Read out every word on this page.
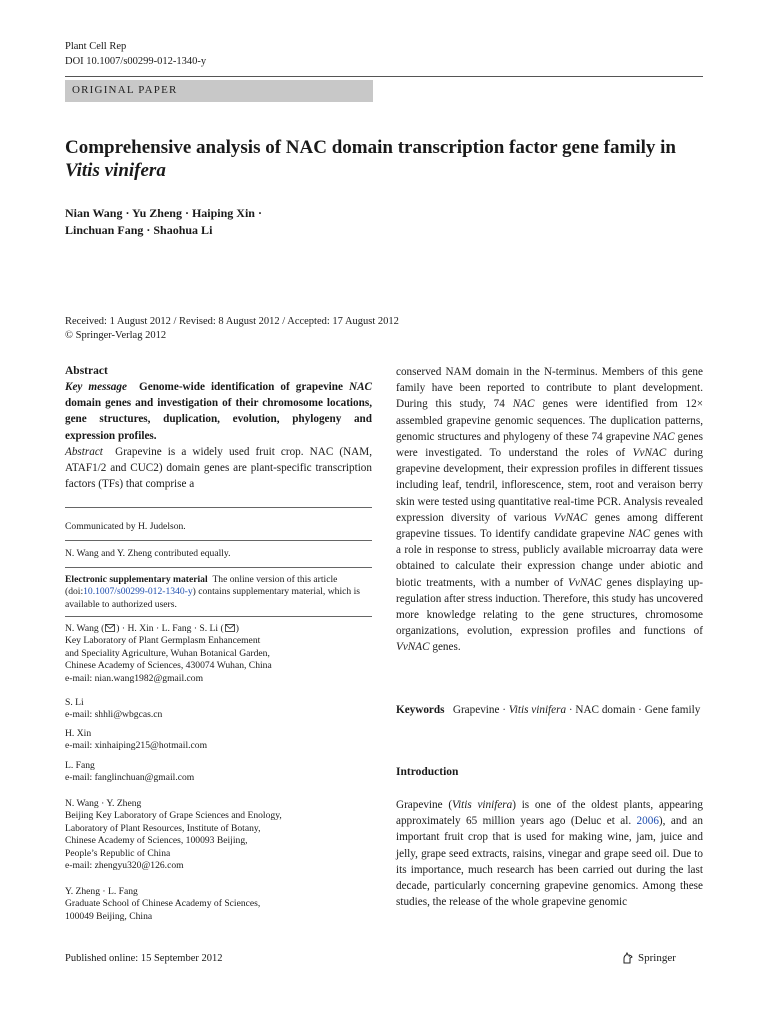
Plant Cell Rep
DOI 10.1007/s00299-012-1340-y
ORIGINAL PAPER
Comprehensive analysis of NAC domain transcription factor gene family in Vitis vinifera
Nian Wang · Yu Zheng · Haiping Xin ·
Linchuan Fang · Shaohua Li
Received: 1 August 2012 / Revised: 8 August 2012 / Accepted: 17 August 2012
© Springer-Verlag 2012
Abstract

Key message Genome-wide identification of grapevine NAC domain genes and investigation of their chromosome locations, gene structures, duplication, evolution, phylogeny and expression profiles.

Abstract Grapevine is a widely used fruit crop. NAC (NAM, ATAF1/2 and CUC2) domain genes are plant-specific transcription factors (TFs) that comprise a

Communicated by H. Judelson.
N. Wang and Y. Zheng contributed equally.
Electronic supplementary material The online version of this article (doi:10.1007/s00299-012-1340-y) contains supplementary material, which is available to authorized users.
N. Wang ( ) · H. Xin · L. Fang · S. Li ( )
Key Laboratory of Plant Germplasm Enhancement
and Speciality Agriculture, Wuhan Botanical Garden,
Chinese Academy of Sciences, 430074 Wuhan, China
e-mail: nian.wang1982@gmail.com
S. Li
e-mail: shhli@wbgcas.cn
H. Xin
e-mail: xinhaiping215@hotmail.com
L. Fang
e-mail: fanglinchuan@gmail.com
N. Wang · Y. Zheng
Beijing Key Laboratory of Grape Sciences and Enology,
Laboratory of Plant Resources, Institute of Botany,
Chinese Academy of Sciences, 100093 Beijing,
People’s Republic of China
e-mail: zhengyu320@126.com
Y. Zheng · L. Fang
Graduate School of Chinese Academy of Sciences,
100049 Beijing, China

conserved NAM domain in the N-terminus. Members of this gene family have been reported to contribute to plant development. During this study, 74 NAC genes were identified from 12× assembled grapevine genomic sequences. The duplication patterns, genomic structures and phylogeny of these 74 grapevine NAC genes were investigated. To understand the roles of VvNAC during grapevine development, their expression profiles in different tissues including leaf, tendril, inflorescence, stem, root and veraison berry skin were tested using quantitative real-time PCR. Analysis revealed expression diversity of various VvNAC genes among different grapevine tissues. To identify candidate grapevine NAC genes with a role in response to stress, publicly available microarray data were obtained to calculate their expression change under abiotic and biotic treatments, with a number of VvNAC genes displaying up-regulation after stress induction. Therefore, this study has uncovered more knowledge relating to the gene structures, chromosome organizations, evolution, expression profiles and functions of VvNAC genes.

Keywords Grapevine · Vitis vinifera · NAC domain · Gene family
Introduction

Grapevine (Vitis vinifera) is one of the oldest plants, appearing approximately 65 million years ago (Deluc et al. 2006), and an important fruit crop that is used for making wine, jam, juice and jelly, grape seed extracts, raisins, vinegar and grape seed oil. Due to its importance, much research has been carried out during the last decade, particularly concerning grapevine genomics. Among these studies, the release of the whole grapevine genomic

Published online: 15 September 2012	Springer
